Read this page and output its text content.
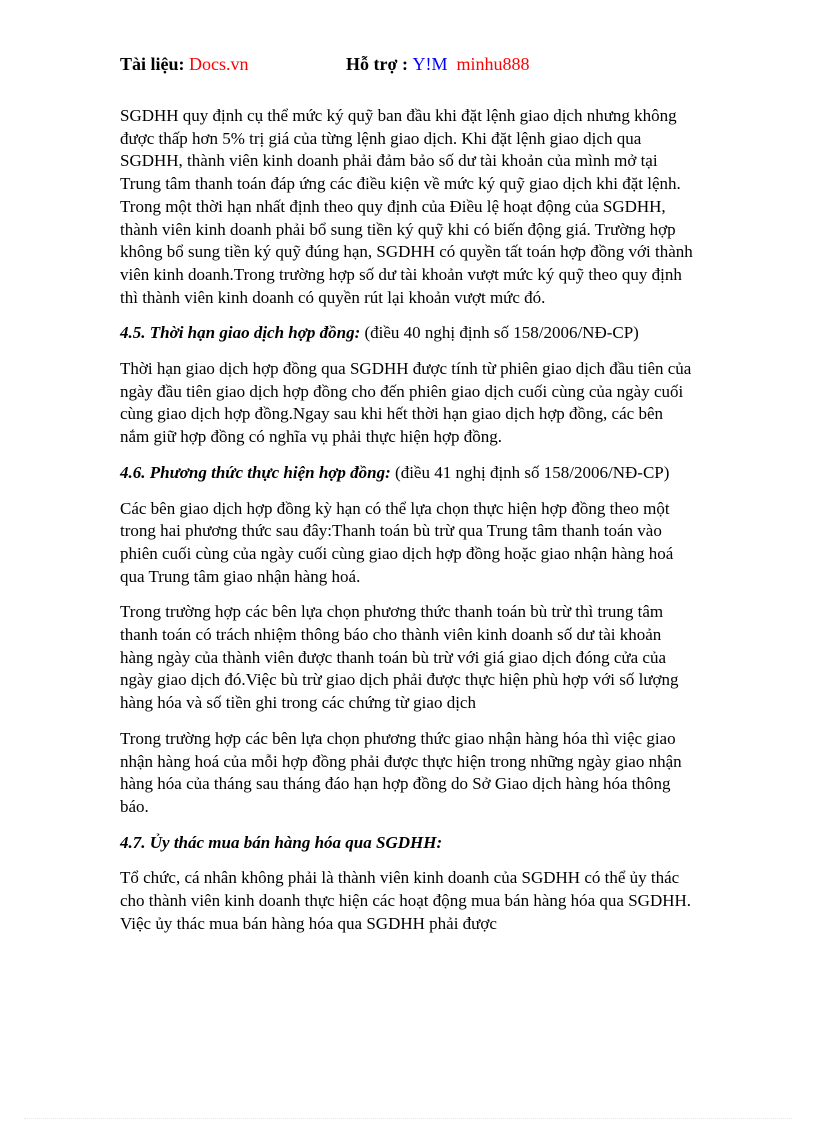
Tài liệu: Docs.vn	Hỗ trợ : Y!M minhu888

SGDHH quy định cụ thể mức ký quỹ ban đầu khi đặt lệnh giao dịch nhưng không được thấp hơn 5% trị giá của từng lệnh giao dịch. Khi đặt lệnh giao dịch qua SGDHH, thành viên kinh doanh phải đảm bảo số dư tài khoản của mình mở tại Trung tâm thanh toán đáp ứng các điều kiện về mức ký quỹ giao dịch khi đặt lệnh. Trong một thời hạn nhất định theo quy định của Điều lệ hoạt động của SGDHH, thành viên kinh doanh phải bổ sung tiền ký quỹ khi có biến động giá. Trường hợp không bổ sung tiền ký quỹ đúng hạn, SGDHH có quyền tất toán hợp đồng với thành viên kinh doanh.Trong trường hợp số dư tài khoản vượt mức ký quỹ theo quy định thì thành viên kinh doanh có quyền rút lại khoản vượt mức đó.

4.5. Thời hạn giao dịch hợp đồng: (điều 40 nghị định số 158/2006/NĐ-CP)

Thời hạn giao dịch hợp đồng qua SGDHH được tính từ phiên giao dịch đầu tiên của ngày đầu tiên giao dịch hợp đồng cho đến phiên giao dịch cuối cùng của ngày cuối cùng giao dịch hợp đồng.Ngay sau khi hết thời hạn giao dịch hợp đồng, các bên nắm giữ hợp đồng có nghĩa vụ phải thực hiện hợp đồng.

4.6. Phương thức thực hiện hợp đồng: (điều 41 nghị định số 158/2006/NĐ-CP)

Các bên giao dịch hợp đồng kỳ hạn có thể lựa chọn thực hiện hợp đồng theo một trong hai phương thức sau đây:Thanh toán bù trừ qua Trung tâm thanh toán vào phiên cuối cùng của ngày cuối cùng giao dịch hợp đồng hoặc giao nhận hàng hoá qua Trung tâm giao nhận hàng hoá.

Trong trường hợp các bên lựa chọn phương thức thanh toán bù trừ thì trung tâm thanh toán có trách nhiệm thông báo cho thành viên kinh doanh số dư tài khoản hàng ngày của thành viên được thanh toán bù trừ với giá giao dịch đóng cửa của ngày giao dịch đó.Việc bù trừ giao dịch phải được thực hiện phù hợp với số lượng hàng hóa và số tiền ghi trong các chứng từ giao dịch

Trong trường hợp các bên lựa chọn phương thức giao nhận hàng hóa thì việc giao nhận hàng hoá của mỗi hợp đồng phải được thực hiện trong những ngày giao nhận hàng hóa của tháng sau tháng đáo hạn hợp đồng do Sở Giao dịch hàng hóa thông báo.

4.7. Ủy thác mua bán hàng hóa qua SGDHH:

Tổ chức, cá nhân không phải là thành viên kinh doanh của SGDHH có thể ủy thác cho thành viên kinh doanh thực hiện các hoạt động mua bán hàng hóa qua SGDHH. Việc ủy thác mua bán hàng hóa qua SGDHH phải được
